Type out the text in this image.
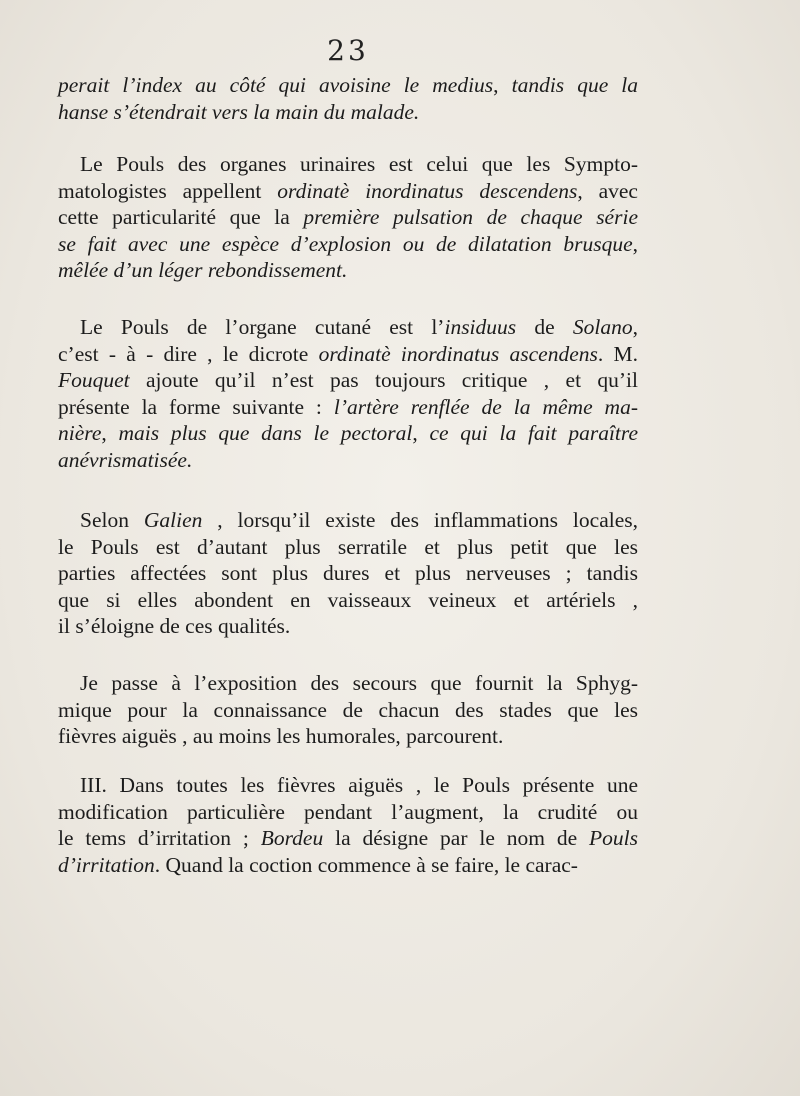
23
perait l’index au côté qui avoisine le medius, tandis que la
hanse s’étendrait vers la main du malade.
Le Pouls des organes urinaires est celui que les Sympto-
matologistes appellent ordinatè inordinatus descendens, avec
cette particularité que la première pulsation de chaque série
se fait avec une espèce d’explosion ou de dilatation brusque,
mêlée d’un léger rebondissement.
Le Pouls de l’organe cutané est l’insiduus de Solano,
c’est - à - dire , le dicrote ordinatè inordinatus ascendens. M.
Fouquet ajoute qu’il n’est pas toujours critique , et qu’il
présente la forme suivante : l’artère renflée de la même ma-
nière, mais plus que dans le pectoral, ce qui la fait paraître
anévrismatisée.
Selon Galien , lorsqu’il existe des inflammations locales,
le Pouls est d’autant plus serratile et plus petit que les
parties affectées sont plus dures et plus nerveuses ; tandis
que si elles abondent en vaisseaux veineux et artériels ,
il s’éloigne de ces qualités.
Je passe à l’exposition des secours que fournit la Sphyg-
mique pour la connaissance de chacun des stades que les
fièvres aiguës , au moins les humorales, parcourent.
III. Dans toutes les fièvres aiguës , le Pouls présente une
modification particulière pendant l’augment, la crudité ou
le tems d’irritation ; Bordeu la désigne par le nom de Pouls
d’irritation. Quand la coction commence à se faire, le carac-
